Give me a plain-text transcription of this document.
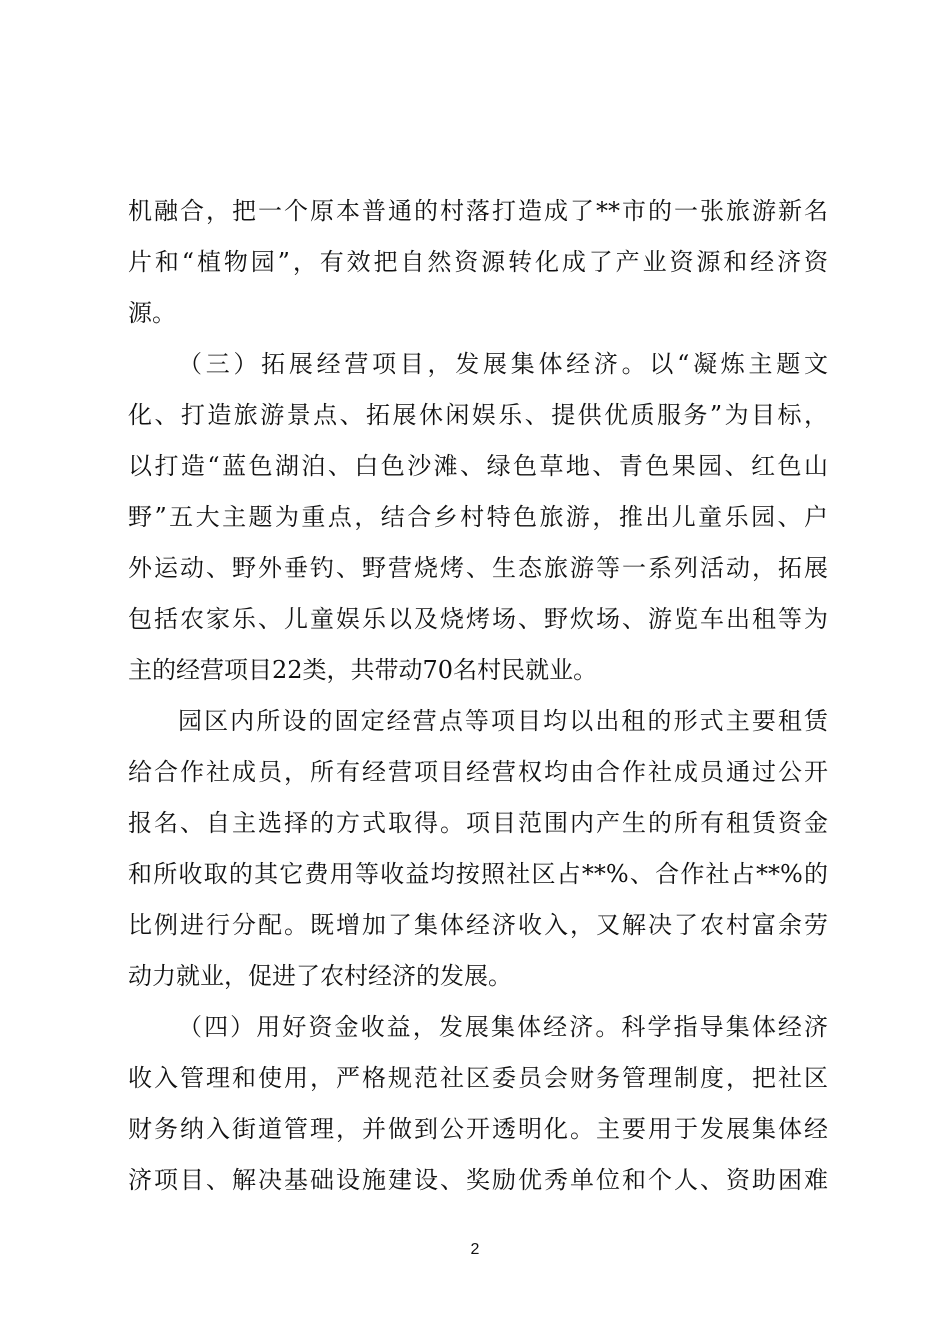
机融合，把一个原本普通的村落打造成了**市的一张旅游新名
片和“植物园”，有效把自然资源转化成了产业资源和经济资
源。
（三）拓展经营项目，发展集体经济。以“凝炼主题文
化、打造旅游景点、拓展休闲娱乐、提供优质服务”为目标，
以打造“蓝色湖泊、白色沙滩、绿色草地、青色果园、红色山
野”五大主题为重点，结合乡村特色旅游，推出儿童乐园、户
外运动、野外垂钓、野营烧烤、生态旅游等一系列活动，拓展
包括农家乐、儿童娱乐以及烧烤场、野炊场、游览车出租等为
主的经营项目22类，共带动70名村民就业。
园区内所设的固定经营点等项目均以出租的形式主要租赁
给合作社成员，所有经营项目经营权均由合作社成员通过公开
报名、自主选择的方式取得。项目范围内产生的所有租赁资金
和所收取的其它费用等收益均按照社区占**%、合作社占**%的
比例进行分配。既增加了集体经济收入，又解决了农村富余劳
动力就业，促进了农村经济的发展。
（四）用好资金收益，发展集体经济。科学指导集体经济
收入管理和使用，严格规范社区委员会财务管理制度，把社区
财务纳入街道管理，并做到公开透明化。主要用于发展集体经
济项目、解决基础设施建设、奖励优秀单位和个人、资助困难
2
